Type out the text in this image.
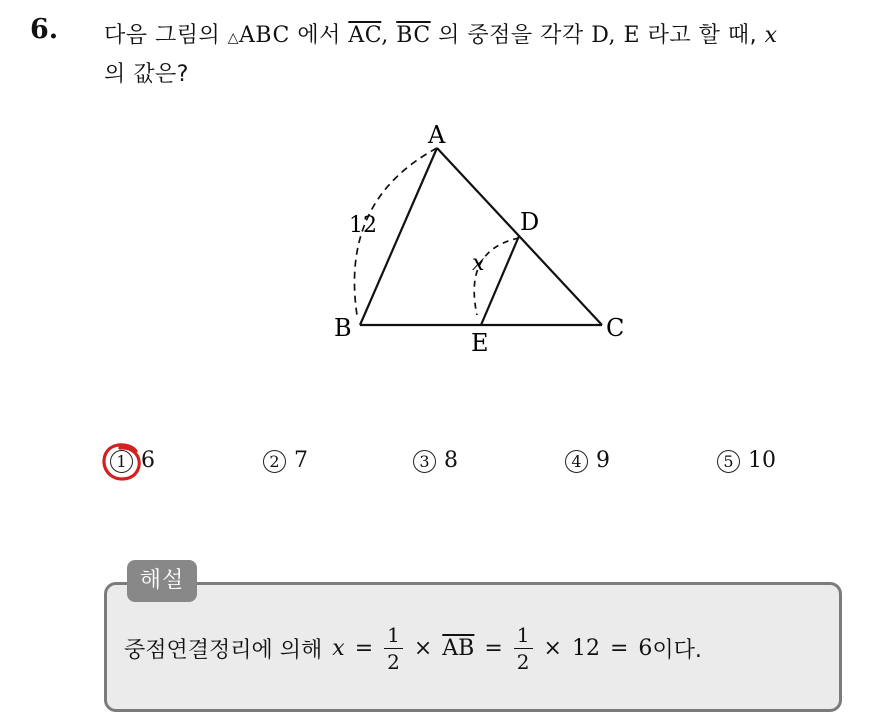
6. 다음 그림의 △ABC 에서 $\overline{AC}$, $\overline{BC}$ 의 중점을 각각 D, E 라고 할 때, x
의 값은?
A
B	C
D
E
12
x
1 6	2 7	3 8	4 9	5 10
해설
중점연결정리에 의해 $x = \frac{1}{2} \times \overline{AB} = \frac{1}{2} \times 12 = 6$ 이다.
